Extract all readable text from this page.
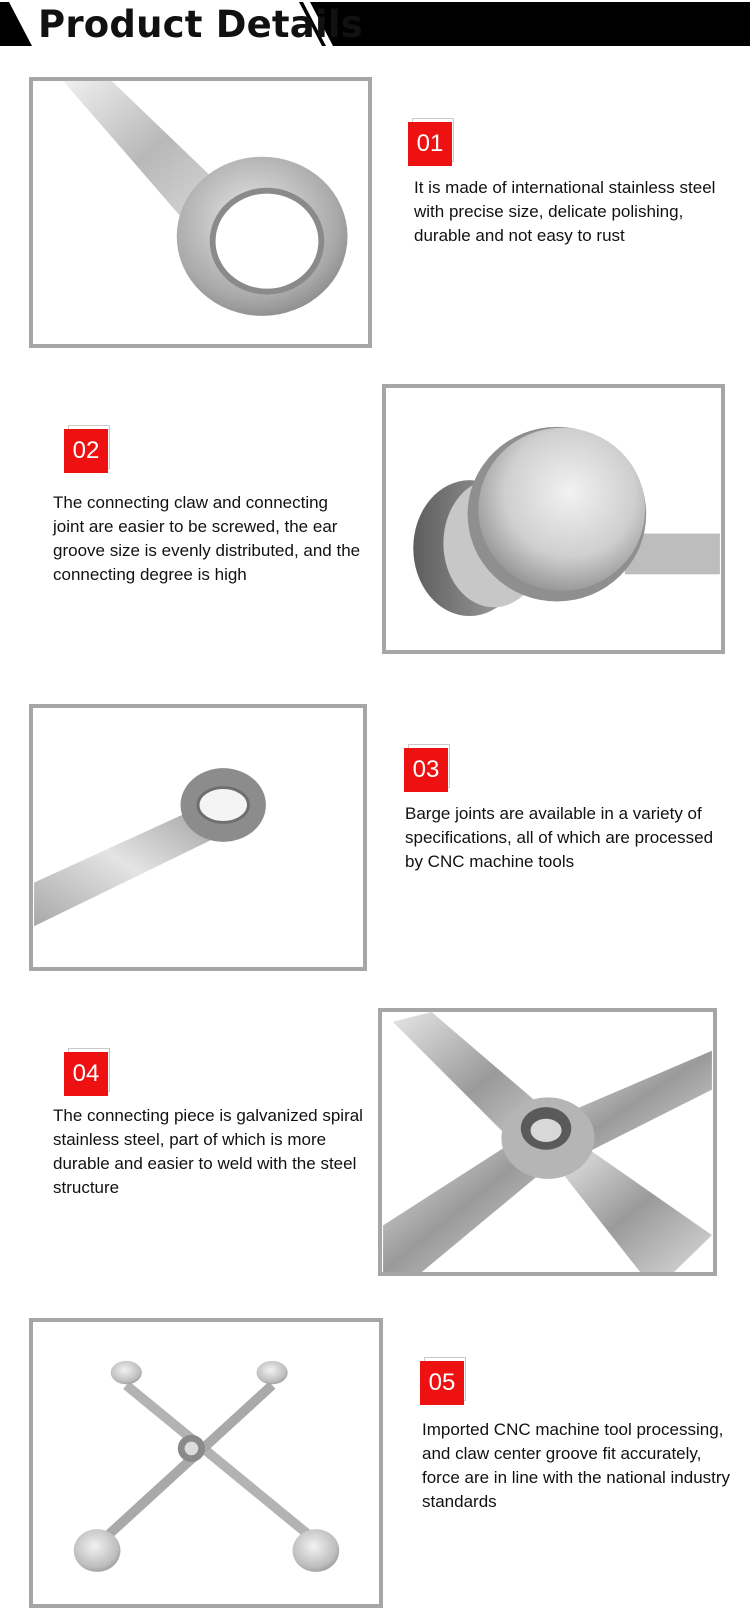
Product Details
01
It is made of international stainless steel with precise size, delicate polishing, durable and not easy to rust
02
The connecting claw and connecting joint are easier to be screwed, the ear groove size is evenly distributed, and the connecting degree is high
03
Barge joints are available in a variety of specifications, all of which are processed by CNC machine tools
04
The connecting piece is galvanized spiral stainless steel, part of which is more durable and easier to weld with the steel structure
05
Imported CNC machine tool processing, and claw center groove fit accurately, force are in line with the national industry standards
